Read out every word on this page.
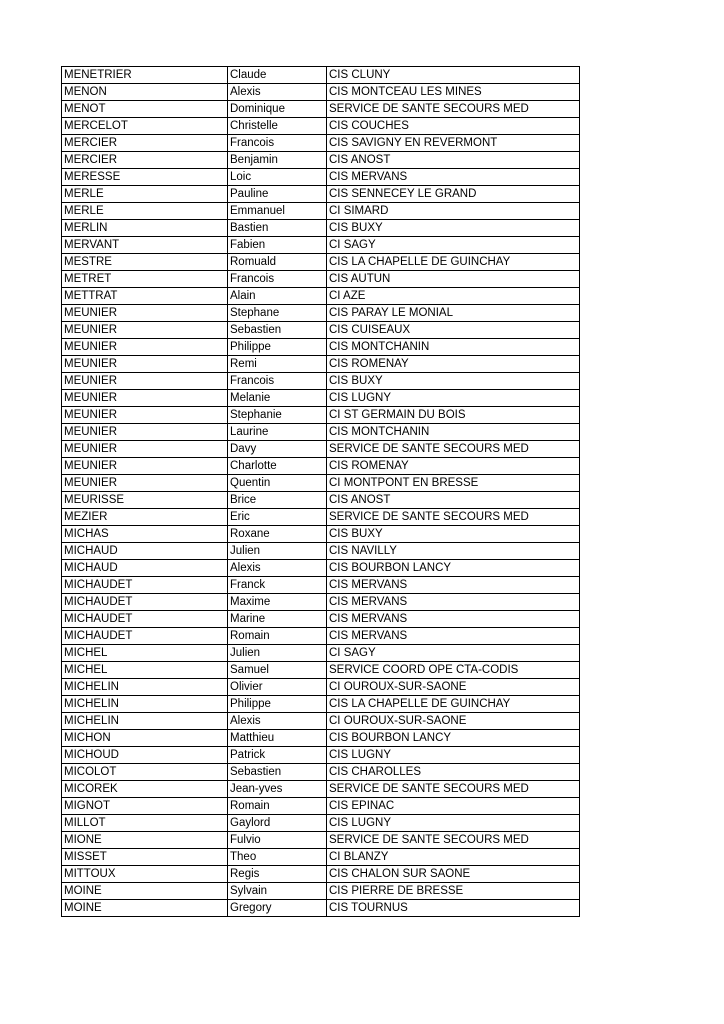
MENETRIER	Claude	CIS CLUNY
MENON	Alexis	CIS MONTCEAU LES MINES
MENOT	Dominique	SERVICE DE SANTE SECOURS MED
MERCELOT	Christelle	CIS COUCHES
MERCIER	Francois	CIS SAVIGNY EN REVERMONT
MERCIER	Benjamin	CIS ANOST
MERESSE	Loic	CIS MERVANS
MERLE	Pauline	CIS SENNECEY LE GRAND
MERLE	Emmanuel	CI SIMARD
MERLIN	Bastien	CIS BUXY
MERVANT	Fabien	CI SAGY
MESTRE	Romuald	CIS LA CHAPELLE DE GUINCHAY
METRET	Francois	CIS AUTUN
METTRAT	Alain	CI AZE
MEUNIER	Stephane	CIS PARAY LE MONIAL
MEUNIER	Sebastien	CIS CUISEAUX
MEUNIER	Philippe	CIS MONTCHANIN
MEUNIER	Remi	CIS ROMENAY
MEUNIER	Francois	CIS BUXY
MEUNIER	Melanie	CIS LUGNY
MEUNIER	Stephanie	CI ST GERMAIN DU BOIS
MEUNIER	Laurine	CIS MONTCHANIN
MEUNIER	Davy	SERVICE DE SANTE SECOURS MED
MEUNIER	Charlotte	CIS ROMENAY
MEUNIER	Quentin	CI MONTPONT EN BRESSE
MEURISSE	Brice	CIS ANOST
MEZIER	Eric	SERVICE DE SANTE SECOURS MED
MICHAS	Roxane	CIS BUXY
MICHAUD	Julien	CIS NAVILLY
MICHAUD	Alexis	CIS BOURBON LANCY
MICHAUDET	Franck	CIS MERVANS
MICHAUDET	Maxime	CIS MERVANS
MICHAUDET	Marine	CIS MERVANS
MICHAUDET	Romain	CIS MERVANS
MICHEL	Julien	CI SAGY
MICHEL	Samuel	SERVICE COORD OPE CTA-CODIS
MICHELIN	Olivier	CI OUROUX-SUR-SAONE
MICHELIN	Philippe	CIS LA CHAPELLE DE GUINCHAY
MICHELIN	Alexis	CI OUROUX-SUR-SAONE
MICHON	Matthieu	CIS BOURBON LANCY
MICHOUD	Patrick	CIS LUGNY
MICOLOT	Sebastien	CIS CHAROLLES
MICOREK	Jean-yves	SERVICE DE SANTE SECOURS MED
MIGNOT	Romain	CIS EPINAC
MILLOT	Gaylord	CIS LUGNY
MIONE	Fulvio	SERVICE DE SANTE SECOURS MED
MISSET	Theo	CI BLANZY
MITTOUX	Regis	CIS CHALON SUR SAONE
MOINE	Sylvain	CIS PIERRE DE BRESSE
MOINE	Gregory	CIS TOURNUS
